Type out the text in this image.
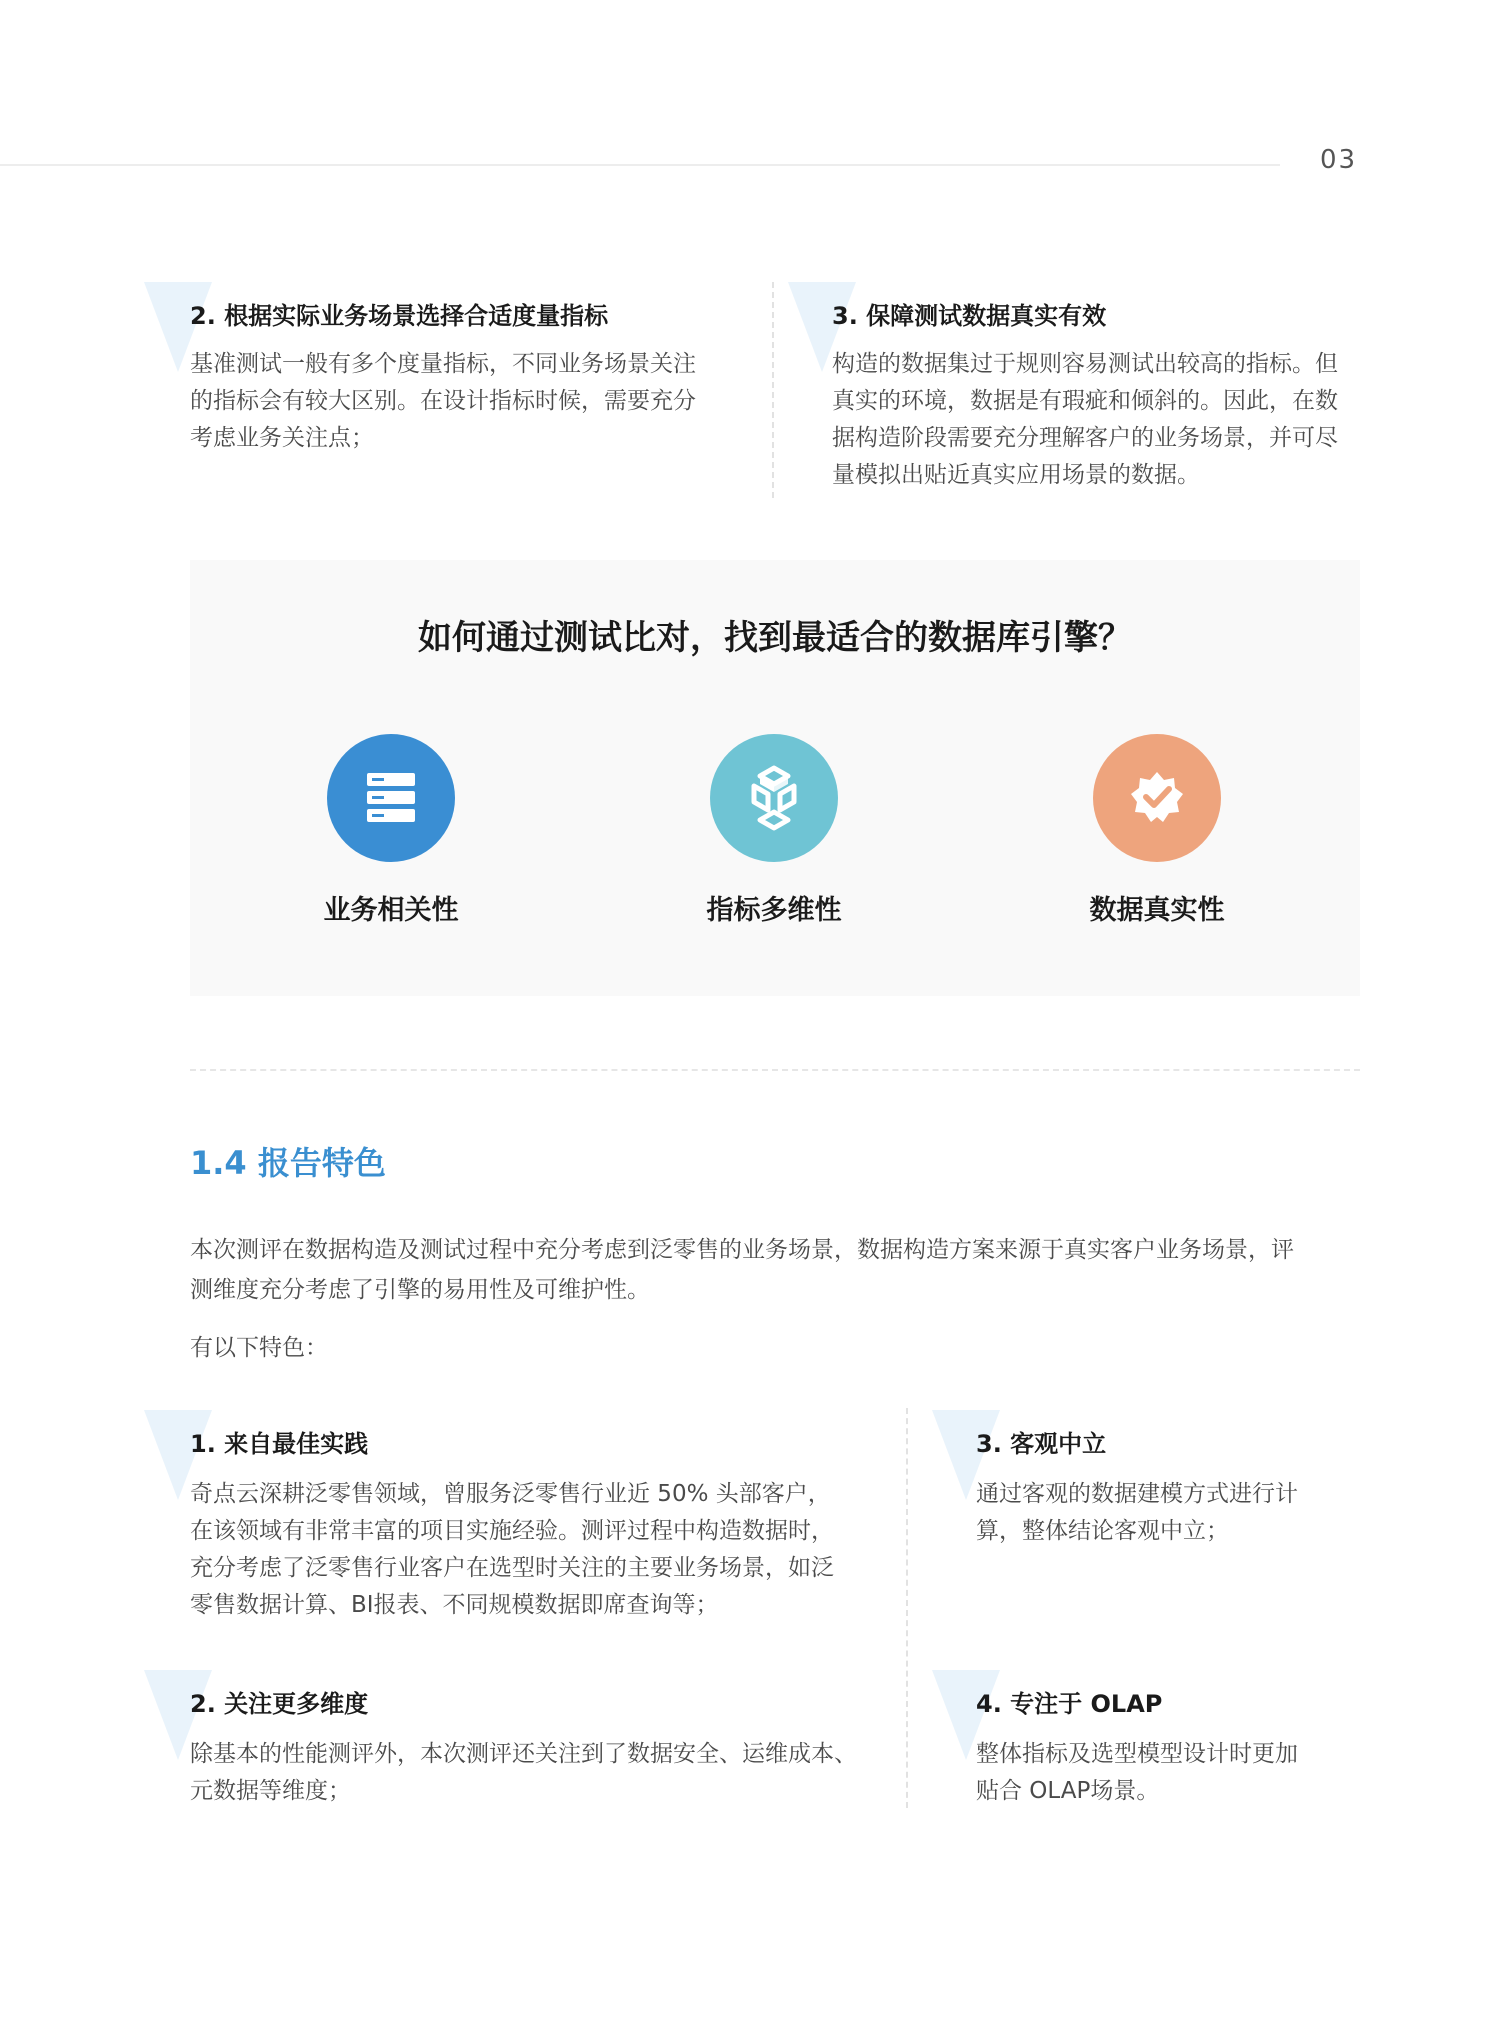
03
2. 根据实际业务场景选择合适度量指标
基准测试一般有多个度量指标，不同业务场景关注
的指标会有较大区别。在设计指标时候，需要充分
考虑业务关注点；
3. 保障测试数据真实有效
构造的数据集过于规则容易测试出较高的指标。但
真实的环境，数据是有瑕疵和倾斜的。因此，在数
据构造阶段需要充分理解客户的业务场景，并可尽
量模拟出贴近真实应用场景的数据。
如何通过测试比对，找到最适合的数据库引擎？
业务相关性	指标多维性	数据真实性
1.4 报告特色
本次测评在数据构造及测试过程中充分考虑到泛零售的业务场景，数据构造方案来源于真实客户业务场景，评
测维度充分考虑了引擎的易用性及可维护性。
有以下特色：
1. 来自最佳实践
奇点云深耕泛零售领域，曾服务泛零售行业近 50% 头部客户，
在该领域有非常丰富的项目实施经验。测评过程中构造数据时，
充分考虑了泛零售行业客户在选型时关注的主要业务场景，如泛
零售数据计算、BI报表、不同规模数据即席查询等；
2. 关注更多维度
除基本的性能测评外，本次测评还关注到了数据安全、运维成本、
元数据等维度；
3. 客观中立
通过客观的数据建模方式进行计
算，整体结论客观中立；
4. 专注于 OLAP
整体指标及选型模型设计时更加
贴合 OLAP场景。
